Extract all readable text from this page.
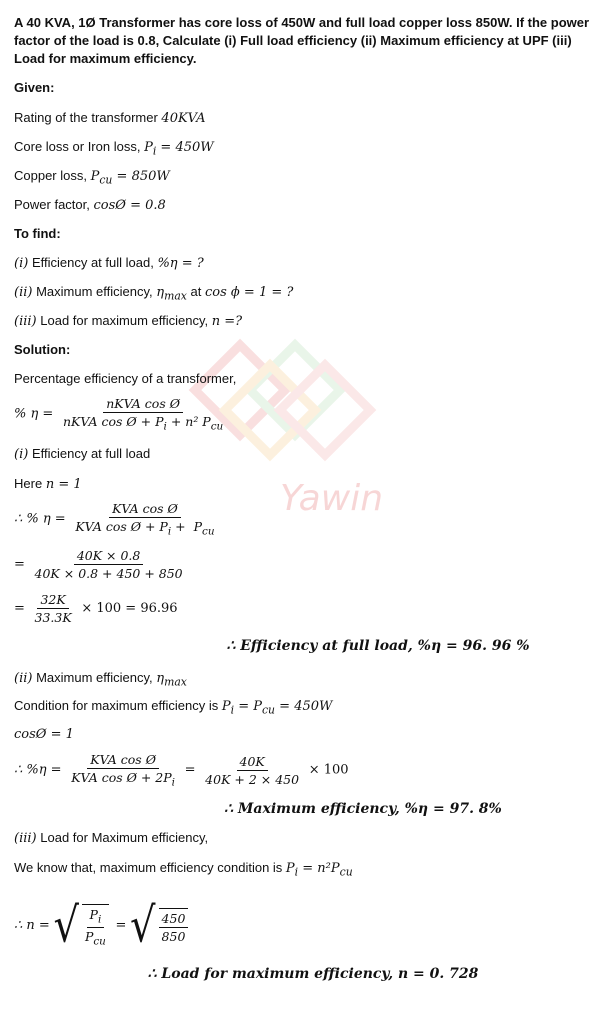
Yawin
A 40 KVA, 1Ø Transformer has core loss of 450W and full load copper loss 850W. If the power factor of the load is 0.8, Calculate (i) Full load efficiency (ii) Maximum efficiency at UPF (iii) Load for maximum efficiency.
Given:
Rating of the transformer 40KVA
Core loss or Iron loss, $P_i = 450W$
Copper loss, $P_{cu} = 850W$
Power factor, cosØ = 0.8
To find:
(i) Efficiency at full load, %η = ?
(ii) Maximum efficiency, $\eta_{max}$ at cos ϕ = 1 = ?
(iii) Load for maximum efficiency, n =?
Solution:
Percentage efficiency of a transformer,
% $\eta = \frac{\text{nKVA cos Ø}}{nKVA \cos Ø + P_i + n^2 P_{cu}}$
(i) Efficiency at full load
Here n = 1
∴ % $\eta = \frac{\text{KVA cos Ø}}{KVA \cos Ø + P_i + P_{cu}}$
= $\frac{40K \times 0.8}{40K \times 0.8 + 450 + 850}$
= $\frac{32K}{33.3K} \times 100 = 96.96$
∴ Efficiency at full load, %η = 96. 96 %
(ii) Maximum efficiency, $\eta_{max}$
Condition for maximum efficiency is $P_i = P_{cu} = 450W$
cosØ = 1
∴ $\%\eta = \frac{\text{KVA cos Ø}}{KVA \cos Ø + 2P_i} = \frac{40K}{40K + 2 \times 450} \times 100$
∴ Maximum efficiency, %η = 97. 8%
(iii) Load for Maximum efficiency,
We know that, maximum efficiency condition is $P_i = n^2P_{cu}$
∴ n = √ $\frac{P_i}{P_{cu}}$ = √ $\frac{450}{850}$
∴ Load for maximum efficiency, n = 0. 728
